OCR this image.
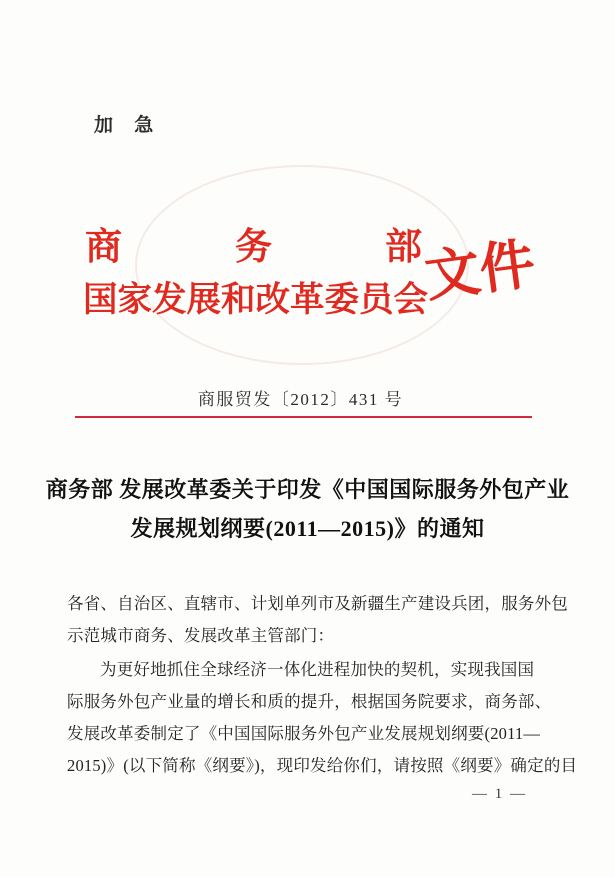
加 急
商	务	部
国家发展和改革委员会
文件
商服贸发〔2012〕431 号
商务部 发展改革委关于印发《中国国际服务外包产业
发展规划纲要(2011—2015)》的通知
各省、自治区、直辖市、计划单列市及新疆生产建设兵团，服务外包
示范城市商务、发展改革主管部门：
为更好地抓住全球经济一体化进程加快的契机，实现我国国
际服务外包产业量的增长和质的提升，根据国务院要求，商务部、
发展改革委制定了《中国国际服务外包产业发展规划纲要(2011—
2015)》(以下简称《纲要》)，现印发给你们，请按照《纲要》确定的目
— 1 —
